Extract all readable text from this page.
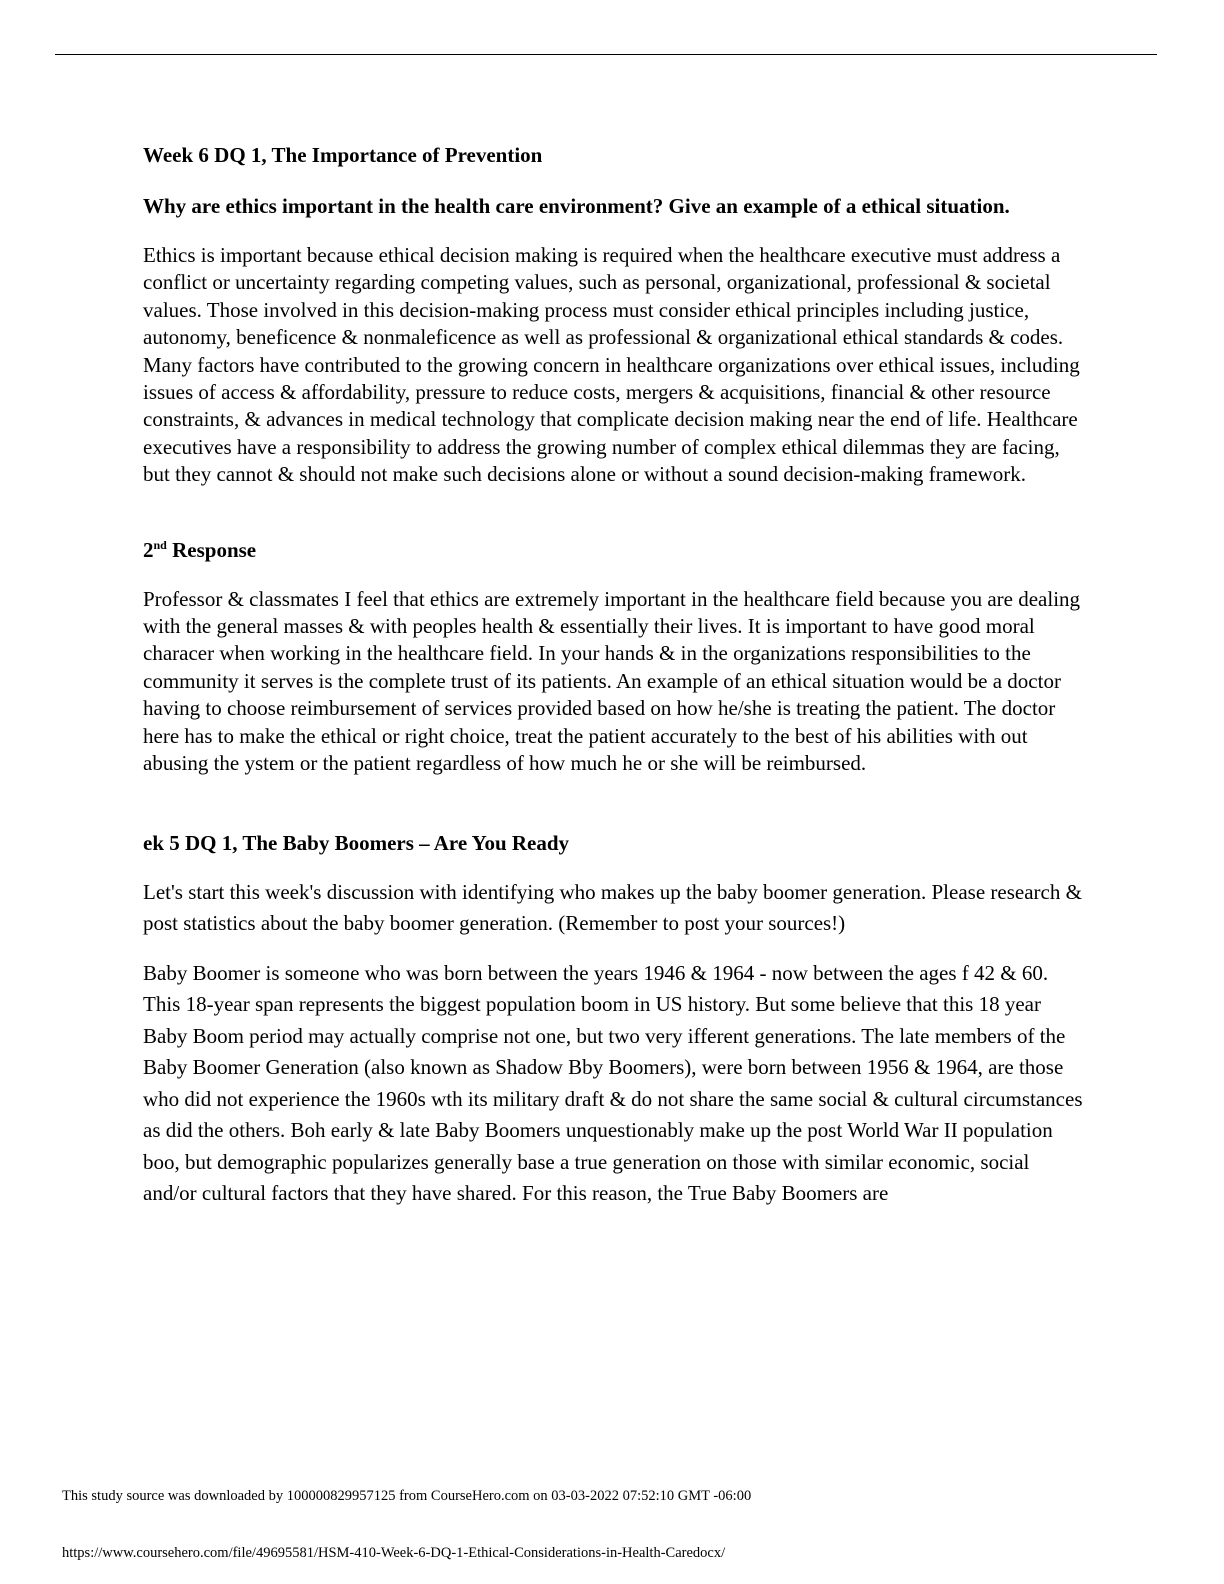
Week 6 DQ 1, The Importance of Prevention

Why are ethics important in the health care environment? Give an example of a ethical situation.

Ethics is important because ethical decision making is required when the healthcare executive must address a conflict or uncertainty regarding competing values, such as personal, organizational, professional & societal values. Those involved in this decision-making process must consider ethical principles including justice, autonomy, beneficence & nonmaleficence as well as professional & organizational ethical standards & codes. Many factors have contributed to the growing concern in healthcare organizations over ethical issues, including issues of access & affordability, pressure to reduce costs, mergers & acquisitions, financial & other resource constraints, & advances in medical technology that complicate decision making near the end of life. Healthcare executives have a responsibility to address the growing number of complex ethical dilemmas they are facing, but they cannot & should not make such decisions alone or without a sound decision-making framework.

2nd Response

Professor & classmates I feel that ethics are extremely important in the healthcare field because you are dealing with the general masses & with peoples health & essentially their lives. It is important to have good moral characer when working in the healthcare field. In your hands & in the organizations responsibilities to the community it serves is the complete trust of its patients. An example of an ethical situation would be a doctor having to choose reimbursement of services provided based on how he/she is treating the patient. The doctor here has to make the ethical or right choice, treat the patient accurately to the best of his abilities with out abusing the ystem or the patient regardless of how much he or she will be reimbursed.

ek 5 DQ 1, The Baby Boomers – Are You Ready

Let's start this week's discussion with identifying who makes up the baby boomer generation. Please research & post statistics about the baby boomer generation. (Remember to post your sources!)

Baby Boomer is someone who was born between the years 1946 & 1964 - now between the ages f 42 & 60. This 18-year span represents the biggest population boom in US history. But some believe that this 18 year Baby Boom period may actually comprise not one, but two very ifferent generations. The late members of the Baby Boomer Generation (also known as Shadow Bby Boomers), were born between 1956 & 1964, are those who did not experience the 1960s wth its military draft & do not share the same social & cultural circumstances as did the others. Boh early & late Baby Boomers unquestionably make up the post World War II population boo, but demographic popularizes generally base a true generation on those with similar economic, social and/or cultural factors that they have shared. For this reason, the True Baby Boomers are

This study source was downloaded by 100000829957125 from CourseHero.com on 03-03-2022 07:52:10 GMT -06:00
https://www.coursehero.com/file/49695581/HSM-410-Week-6-DQ-1-Ethical-Considerations-in-Health-Caredocx/
